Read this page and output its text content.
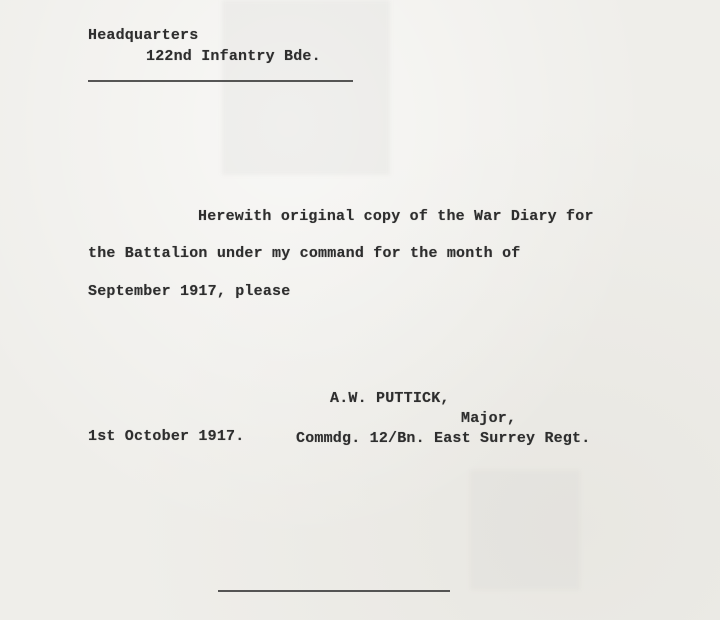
Headquarters
122nd Infantry Bde.
Herewith original copy of the War Diary for
the Battalion under my command for the month of
September 1917, please
A.W. PUTTICK,
Major,
1st October 1917.	Commdg. 12/Bn. East Surrey Regt.
